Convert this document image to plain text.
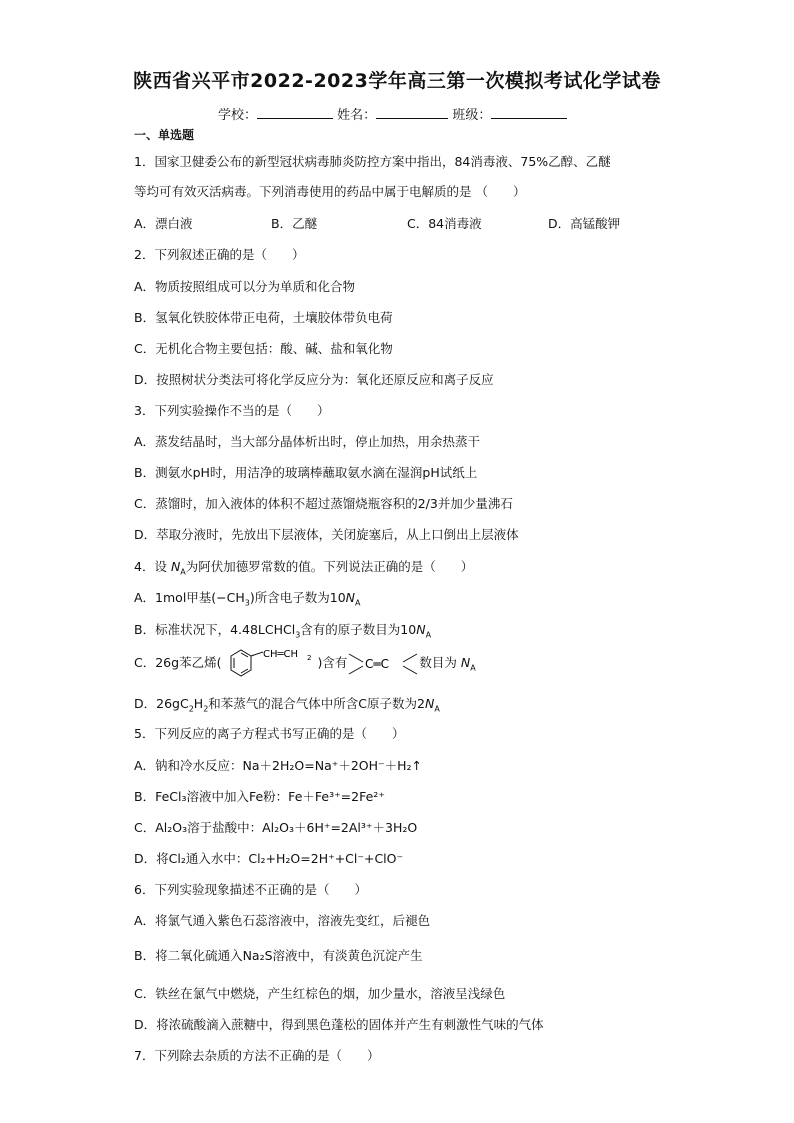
陕西省兴平市2022-2023学年高三第一次模拟考试化学试卷
学校：	姓名：	班级：
一、单选题
1．国家卫健委公布的新型冠状病毒肺炎防控方案中指出，84消毒液、75%乙醇、乙醚
等均可有效灭活病毒。下列消毒使用的药品中属于电解质的是 （　　）
A．漂白液	B．乙醚	C．84消毒液	D．高锰酸钾
2．下列叙述正确的是（　　）
A．物质按照组成可以分为单质和化合物
B．氢氧化铁胶体带正电荷，土壤胶体带负电荷
C．无机化合物主要包括：酸、碱、盐和氧化物
D．按照树状分类法可将化学反应分为：氧化还原反应和离子反应
3．下列实验操作不当的是（　　）
A．蒸发结晶时，当大部分晶体析出时，停止加热，用余热蒸干
B．测氨水pH时，用洁净的玻璃棒蘸取氨水滴在湿润pH试纸上
C．蒸馏时，加入液体的体积不超过蒸馏烧瓶容积的2/3并加少量沸石
D．萃取分液时，先放出下层液体，关闭旋塞后，从上口倒出上层液体
4．设 $N_A$为阿伏加德罗常数的值。下列说法正确的是（　　）
A．1mol甲基$(-CH_3)$所含电子数为$10N_A$
B．标准状况下，4.48LCHCl$_3$含有的原子数目为$10N_A$
C．26g苯乙烯(
CH═CH 2 )含有 C═C 数目为 $N_A$
D．$26gC_2H_2$和苯蒸气的混合气体中所含C原子数为$2N_A$
5．下列反应的离子方程式书写正确的是（　　）
A．钠和冷水反应：Na＋2H₂O=Na⁺＋2OH⁻＋H₂↑
B．FeCl₃溶液中加入Fe粉：Fe＋Fe³⁺=2Fe²⁺
C．Al₂O₃溶于盐酸中：Al₂O₃＋6H⁺=2Al³⁺＋3H₂O
D．将Cl₂通入水中：Cl₂+H₂O=2H⁺+Cl⁻+ClO⁻
6．下列实验现象描述不正确的是（　　）
A．将氯气通入紫色石蕊溶液中，溶液先变红，后褪色
B．将二氧化硫通入Na₂S溶液中，有淡黄色沉淀产生
C．铁丝在氯气中燃烧，产生红棕色的烟，加少量水，溶液呈浅绿色
D．将浓硫酸滴入蔗糖中，得到黑色蓬松的固体并产生有刺激性气味的气体
7．下列除去杂质的方法不正确的是（　　）
